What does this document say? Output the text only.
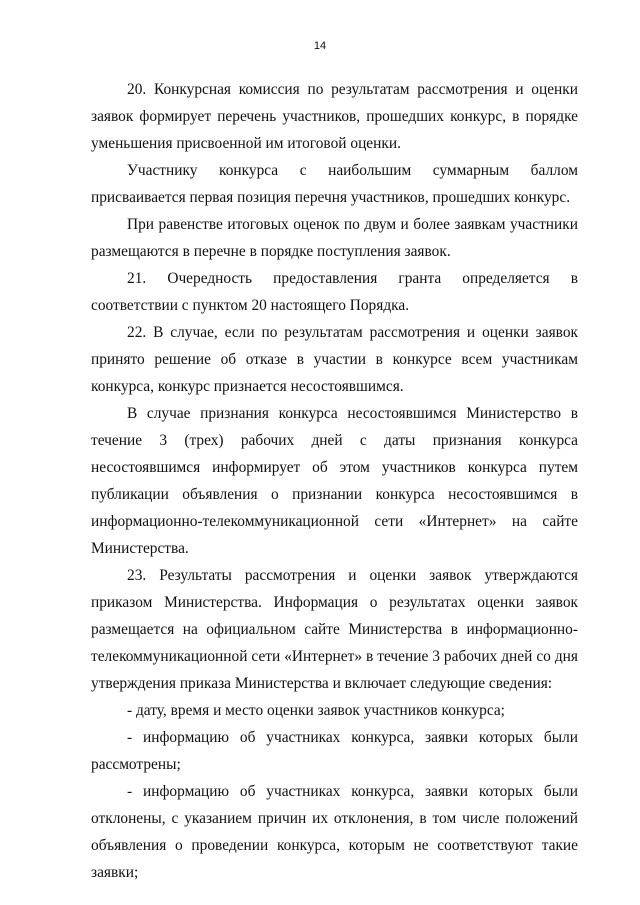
14

20. Конкурсная комиссия по результатам рассмотрения и оценки заявок формирует перечень участников, прошедших конкурс, в порядке уменьшения присвоенной им итоговой оценки.

Участнику конкурса с наибольшим суммарным баллом присваивается первая позиция перечня участников, прошедших конкурс.

При равенстве итоговых оценок по двум и более заявкам участники размещаются в перечне в порядке поступления заявок.

21. Очередность предоставления гранта определяется в соответствии с пунктом 20 настоящего Порядка.

22. В случае, если по результатам рассмотрения и оценки заявок принято решение об отказе в участии в конкурсе всем участникам конкурса, конкурс признается несостоявшимся.

В случае признания конкурса несостоявшимся Министерство в течение 3 (трех) рабочих дней с даты признания конкурса несостоявшимся информирует об этом участников конкурса путем публикации объявления о признании конкурса несостоявшимся в информационно-телекоммуникационной сети «Интернет» на сайте Министерства.

23. Результаты рассмотрения и оценки заявок утверждаются приказом Министерства. Информация о результатах оценки заявок размещается на официальном сайте Министерства в информационно-телекоммуникационной сети «Интернет» в течение 3 рабочих дней со дня утверждения приказа Министерства и включает следующие сведения:

- дату, время и место оценки заявок участников конкурса;

- информацию об участниках конкурса, заявки которых были рассмотрены;

- информацию об участниках конкурса, заявки которых были отклонены, с указанием причин их отклонения, в том числе положений объявления о проведении конкурса, которым не соответствуют такие заявки;
